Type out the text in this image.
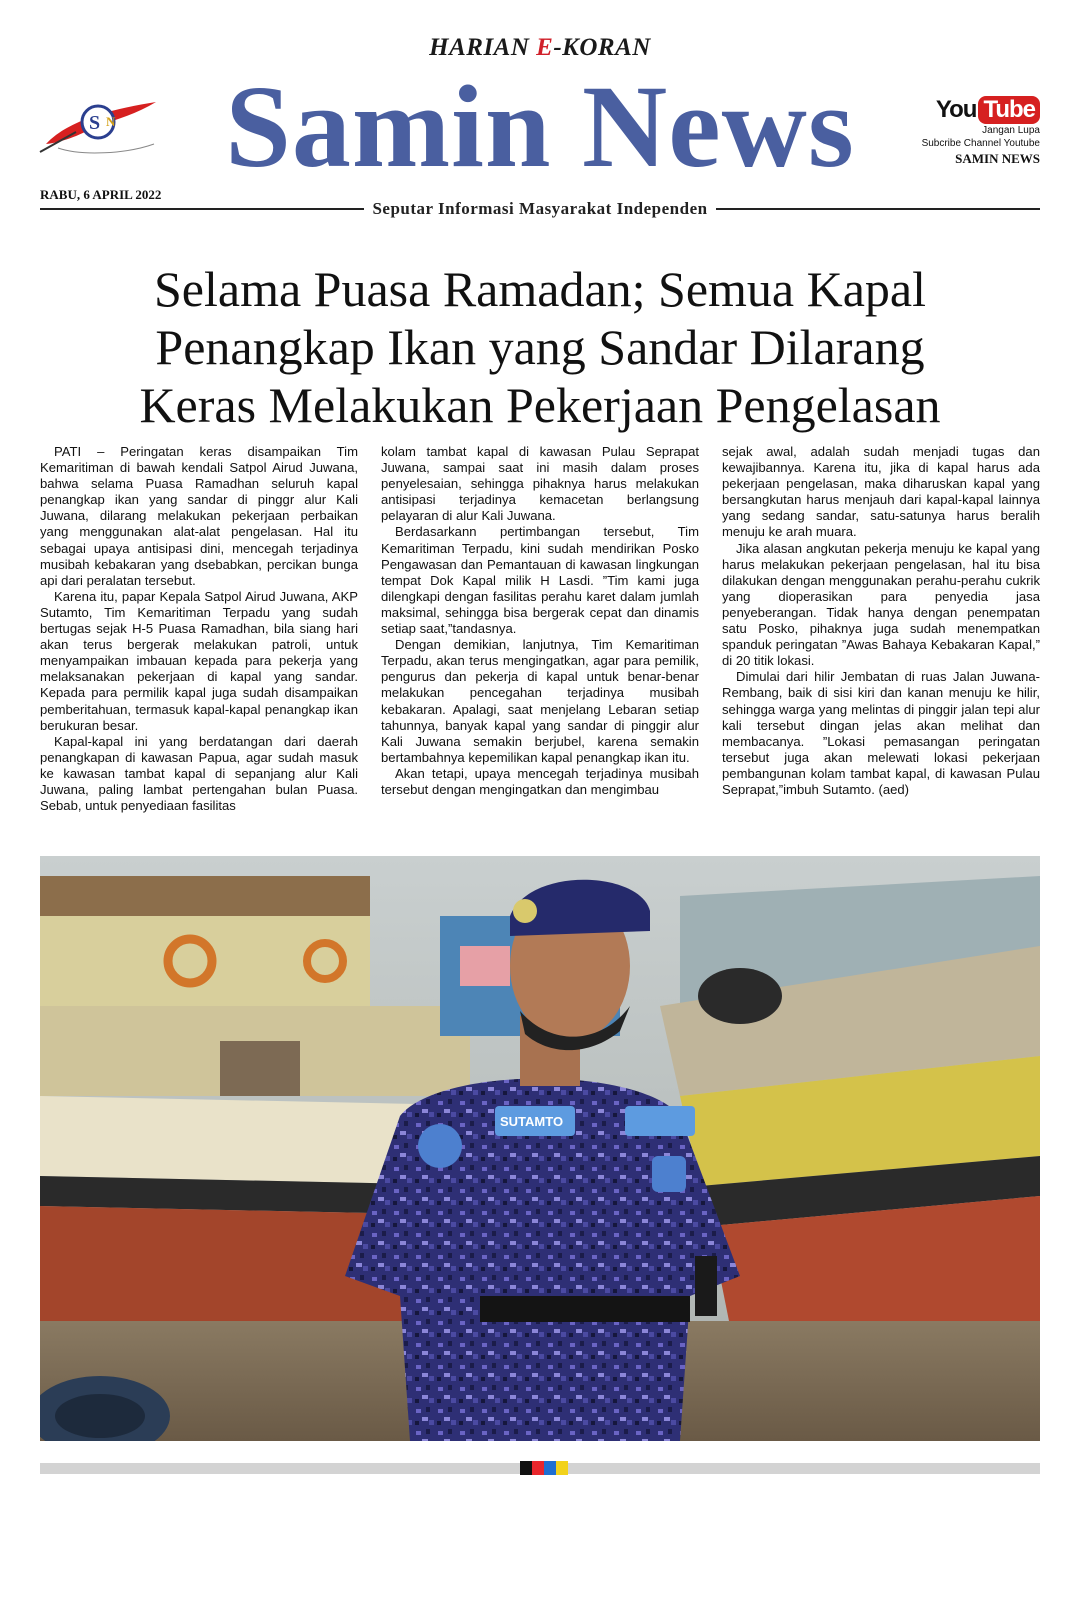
HARIAN E-KORAN
S N Samin News	You Tube
Jangan Lupa
Subcribe Channel Youtube
SAMIN NEWS
RABU, 6 APRIL 2022
Seputar Informasi Masyarakat Independen
Selama Puasa Ramadan; Semua Kapal
Penangkap Ikan yang Sandar Dilarang
Keras Melakukan Pekerjaan Pengelasan

PATI – Peringatan keras disampaikan Tim Kemaritiman di bawah kendali Satpol Airud Juwana, bahwa selama Puasa Ramadhan seluruh kapal penangkap ikan yang sandar di pinggr alur Kali Juwana, dilarang melakukan pekerjaan perbaikan yang menggunakan alat-alat pengelasan. Hal itu sebagai upaya antisipasi dini, mencegah terjadinya musibah kebakaran yang dsebabkan, percikan bunga api dari peralatan tersebut.

Karena itu, papar Kepala Satpol Airud Juwana, AKP Sutamto, Tim Kemaritiman Terpadu yang sudah bertugas sejak H-5 Puasa Ramadhan, bila siang hari akan terus bergerak melakukan patroli, untuk menyampaikan imbauan kepada para pekerja yang melaksanakan pekerjaan di kapal yang sandar. Kepada para permilik kapal juga sudah disampaikan pemberitahuan, termasuk kapal-kapal penangkap ikan berukuran besar.

Kapal-kapal ini yang berdatangan dari daerah penangkapan di kawasan Papua, agar sudah masuk ke kawasan tambat kapal di sepanjang alur Kali Juwana, paling lambat pertengahan bulan Puasa. Sebab, untuk penyediaan fasilitas

kolam tambat kapal di kawasan Pulau Seprapat Juwana, sampai saat ini masih dalam proses penyelesaian, sehingga pihaknya harus melakukan antisipasi terjadinya kemacetan berlangsung pelayaran di alur Kali Juwana.

Berdasarkann pertimbangan tersebut, Tim Kemaritiman Terpadu, kini sudah mendirikan Posko Pengawasan dan Pemantauan di kawasan lingkungan tempat Dok Kapal milik H Lasdi. ”Tim kami juga dilengkapi dengan fasilitas perahu karet dalam jumlah maksimal, sehingga bisa bergerak cepat dan dinamis setiap saat,”tandasnya.

Dengan demikian, lanjutnya, Tim Kemaritiman Terpadu, akan terus mengingatkan, agar para pemilik, pengurus dan pekerja di kapal untuk benar-benar melakukan pencegahan terjadinya musibah kebakaran. Apalagi, saat menjelang Lebaran setiap tahunnya, banyak kapal yang sandar di pinggir alur Kali Juwana semakin berjubel, karena semakin bertambahnya kepemilikan kapal penangkap ikan itu.

Akan tetapi, upaya mencegah terjadinya musibah tersebut dengan mengingatkan dan mengimbau

sejak awal, adalah sudah menjadi tugas dan kewajibannya. Karena itu, jika di kapal harus ada pekerjaan pengelasan, maka diharuskan kapal yang bersangkutan harus menjauh dari kapal-kapal lainnya yang sedang sandar, satu-satunya harus beralih menuju ke arah muara.

Jika alasan angkutan pekerja menuju ke kapal yang harus melakukan pekerjaan pengelasan, hal itu bisa dilakukan dengan menggunakan perahu-perahu cukrik yang dioperasikan para penyedia jasa penyeberangan. Tidak hanya dengan penempatan satu Posko, pihaknya juga sudah menempatkan spanduk peringatan ”Awas Bahaya Kebakaran Kapal,” di 20 titik lokasi.

Dimulai dari hilir Jembatan di ruas Jalan Juwana-Rembang, baik di sisi kiri dan kanan menuju ke hilir, sehingga warga yang melintas di pinggir jalan tepi alur kali tersebut dingan jelas akan melihat dan membacanya. ”Lokasi pemasangan peringatan tersebut juga akan melewati lokasi pekerjaan pembangunan kolam tambat kapal, di kawasan Pulau Seprapat,”imbuh Sutamto. (aed)

SUTAMTO
